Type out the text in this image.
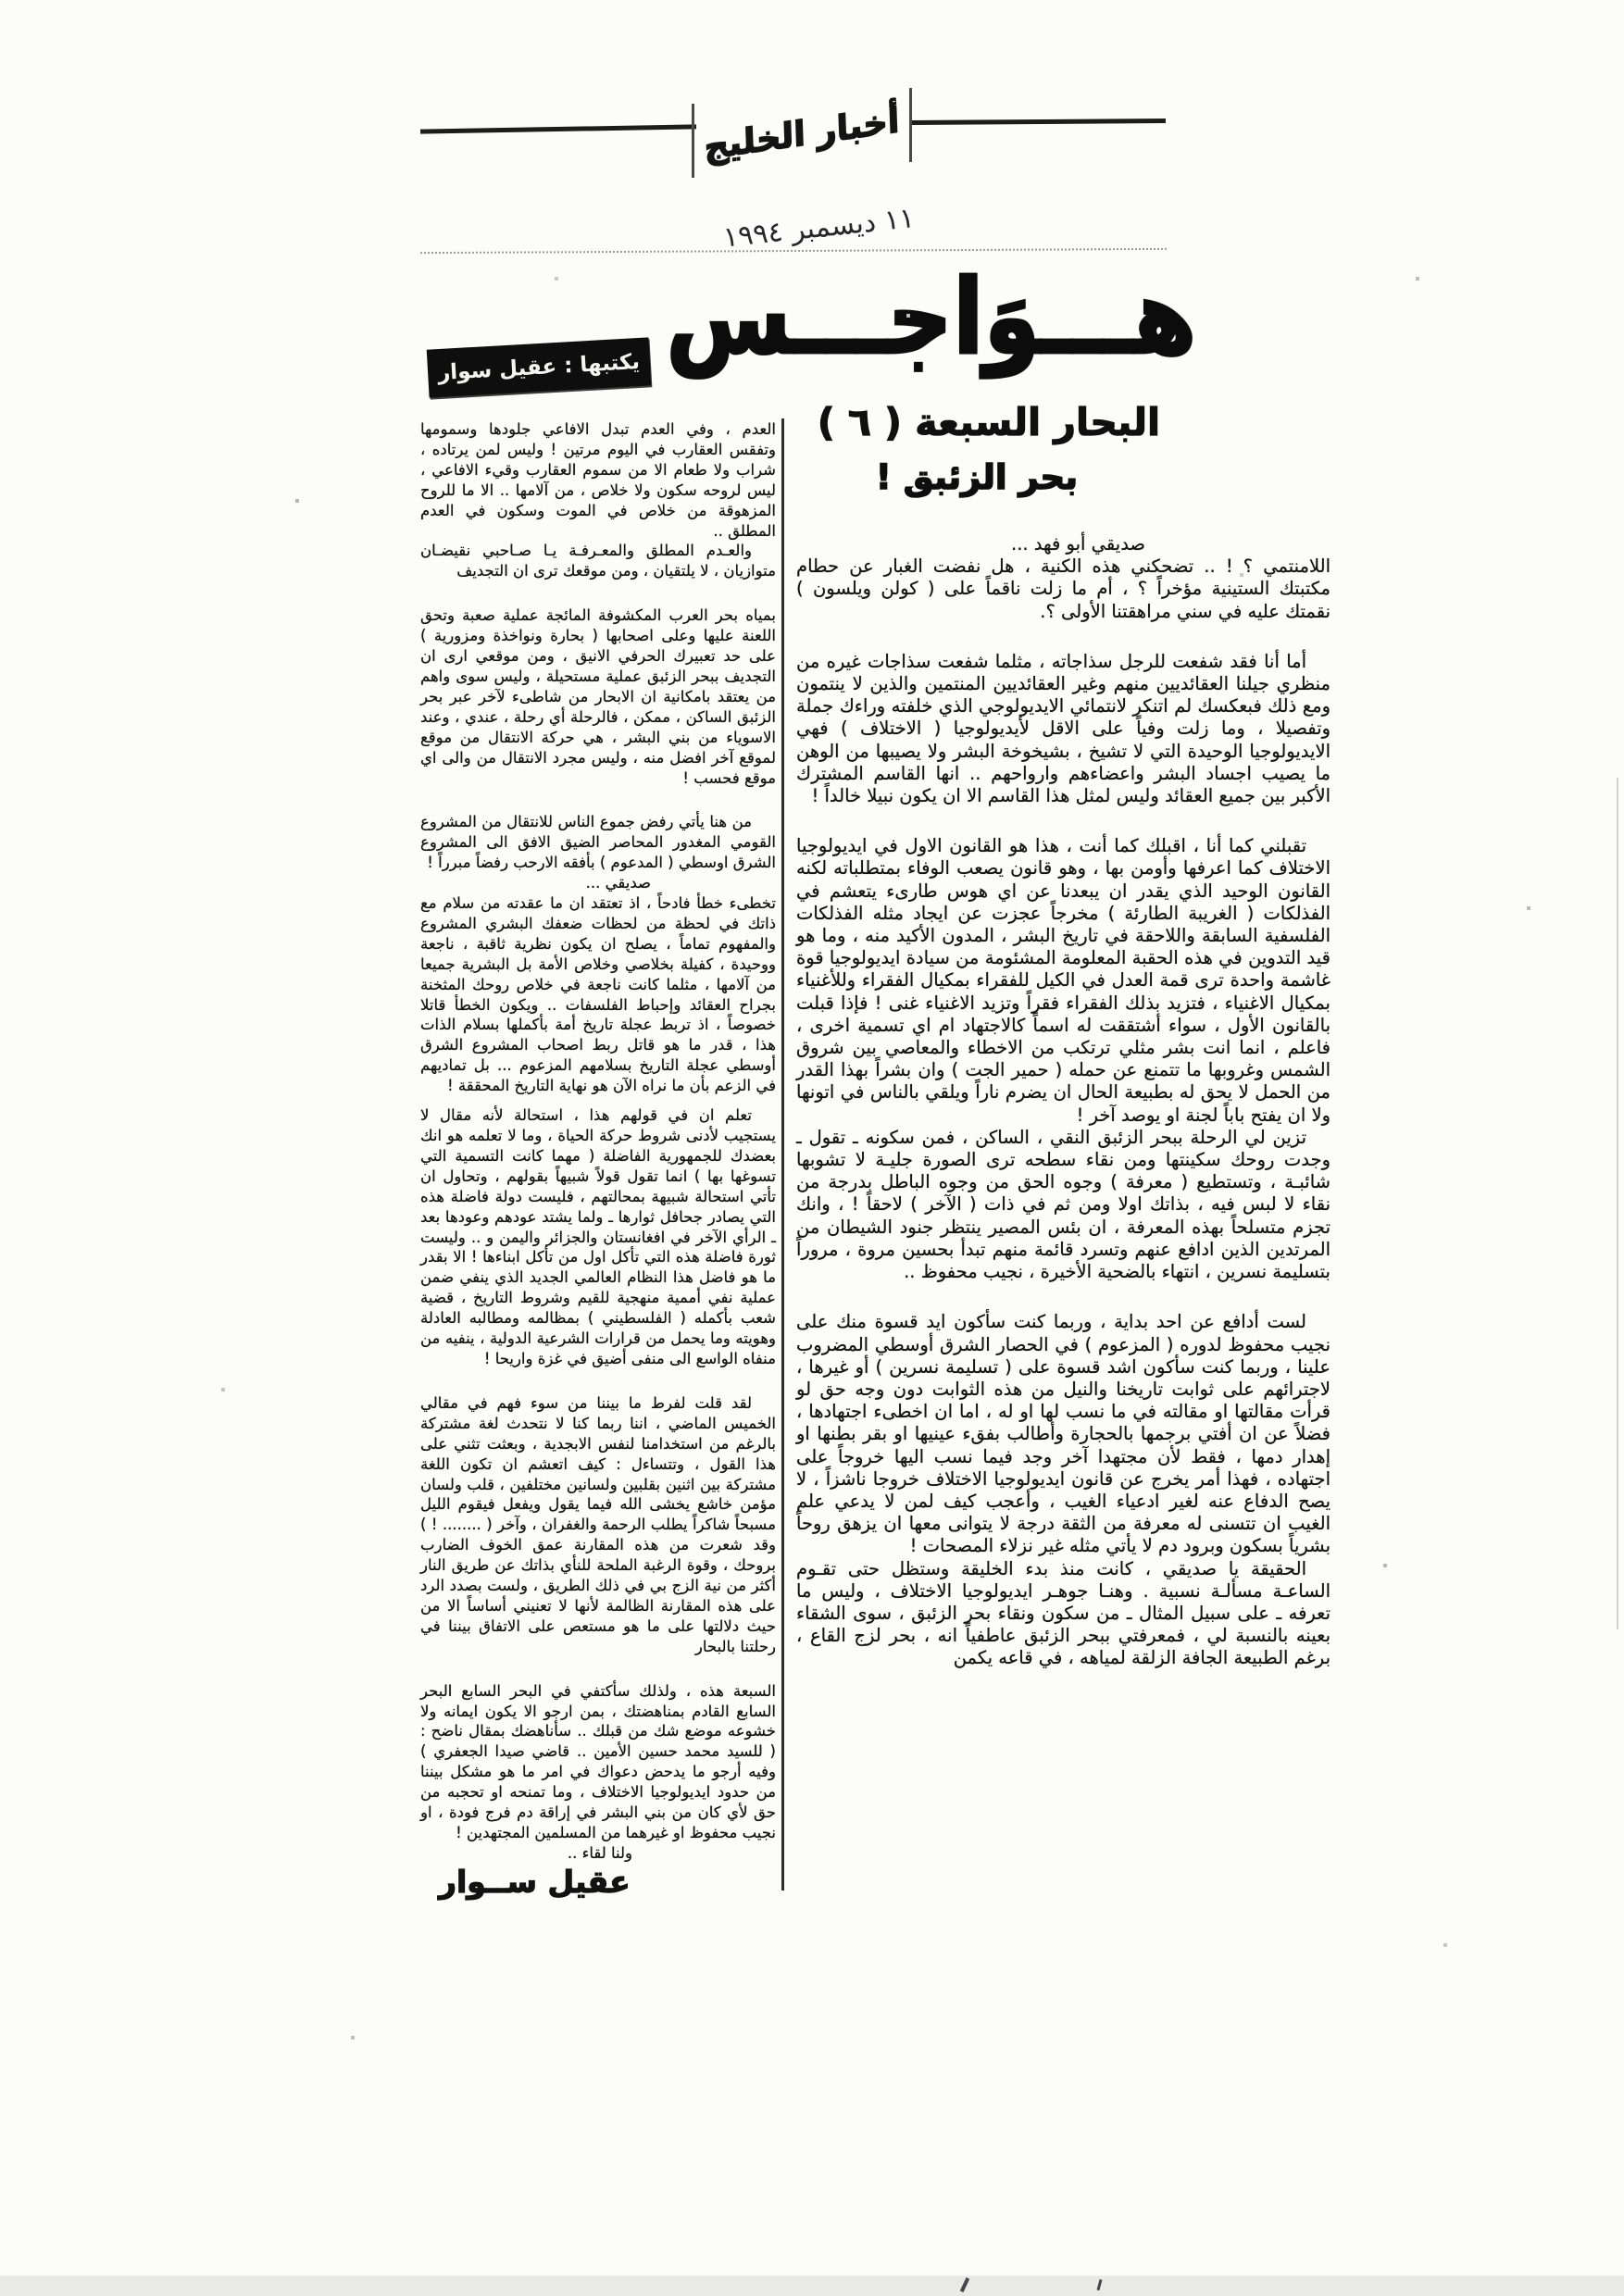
أخبار الخليج
١١ ديسمبر ١٩٩٤
هـــوَاجـــس
يكتبها : عقيل سوار
البحار السبعة ( ٦ )
بحر الزئبق !

صديقي أبو فهد ...

اللامنتمي ؟ ! .. تضحكني هذه الكنية ، هل نفضت الغبار عن حطام مكتبتك الستينية مؤخراً ؟ ، أم ما زلت ناقماً على ( كولن ويلسون ) نقمتك عليه في سني مراهقتنا الأولى ؟.

أما أنا فقد شفعت للرجل سذاجاته ، مثلما شفعت سذاجات غيره من منظري جيلنا العقائديين منهم وغير العقائديين المنتمين والذين لا ينتمون ومع ذلك فبعكسك لم اتنكر لانتمائي الايديولوجي الذي خلفته وراءك جملة وتفصيلا ، وما زلت وفياً على الاقل لأيديولوجيا ( الاختلاف ) فهي الايديولوجيا الوحيدة التي لا تشيخ ، بشيخوخة البشر ولا يصيبها من الوهن ما يصيب اجساد البشر واعضاءهم وارواحهم .. انها القاسم المشترك الأكبر بين جميع العقائد وليس لمثل هذا القاسم الا ان يكون نبيلا خالداً !

تقبلني كما أنا ، اقبلك كما أنت ، هذا هو القانون الاول في ايديولوجيا الاختلاف كما اعرفها وأومن بها ، وهو قانون يصعب الوفاء بمتطلباته لكنه القانون الوحيد الذي يقدر ان يبعدنا عن اي هوس طارىء يتعشم في الفذلكات ( الغريبة الطارئة ) مخرجاً عجزت عن ايجاد مثله الفذلكات الفلسفية السابقة واللاحقة في تاريخ البشر ، المدون الأكيد منه ، وما هو قيد التدوين في هذه الحقبة المعلومة المشئومة من سيادة ايديولوجيا قوة غاشمة واحدة ترى قمة العدل في الكيل للفقراء بمكيال الفقراء وللأغنياء بمكيال الاغنياء ، فتزيد بذلك الفقراء فقراً وتزيد الاغنياء غنى ! فإذا قبلت بالقانون الأول ، سواء أشتققت له اسماً كالاجتهاد ام اي تسمية اخرى ، فاعلم ، انما انت بشر مثلي ترتكب من الاخطاء والمعاصي بين شروق الشمس وغروبها ما تتمنع عن حمله ( حمير الجت ) وان بشراً بهذا القدر من الحمل لا يحق له بطبيعة الحال ان يضرم ناراً ويلقي بالناس في اتونها ولا ان يفتح باباً لجنة او يوصد آخر !

تزين لي الرحلة ببحر الزئبق النقي ، الساكن ، فمن سكونه ـ تقول ـ وجدت روحك سكينتها ومن نقاء سطحه ترى الصورة جليـة لا تشوبها شائبـة ، وتستطيع ( معرفة ) وجوه الحق من وجوه الباطل بدرجة من نقاء لا لبس فيه ، بذاتك اولا ومن ثم في ذات ( الآخر ) لاحقاً ! ، وانك تجزم متسلحاً بهذه المعرفة ، ان بئس المصير ينتظر جنود الشيطان من المرتدين الذين ادافع عنهم وتسرد قائمة منهم تبدأ بحسين مروة ، مروراً بتسليمة نسرين ، انتهاء بالضحية الأخيرة ، نجيب محفوظ ..

لست أدافع عن احد بداية ، وربما كنت سأكون ايد قسوة منك على نجيب محفوظ لدوره ( المزعوم ) في الحصار الشرق أوسطي المضروب علينا ، وربما كنت سأكون اشد قسوة على ( تسليمة نسرين ) أو غيرها ، لاجترائهم على ثوابت تاريخنا والنيل من هذه الثوابت دون وجه حق لو قرأت مقالتها او مقالته في ما نسب لها او له ، اما ان اخطىء اجتهادها ، فضلاً عن ان أفتي برجمها بالحجارة وأطالب بفقء عينيها او بقر بطنها او إهدار دمها ، فقط لأن مجتهدا آخر وجد فيما نسب اليها خروجاً على اجتهاده ، فهذا أمر يخرج عن قانون ايديولوجيا الاختلاف خروجا ناشزاً ، لا يصح الدفاع عنه لغير ادعياء الغيب ، وأعجب كيف لمن لا يدعي علم الغيب ان تتسنى له معرفة من الثقة درجة لا يتوانى معها ان يزهق روحاً بشرياً بسكون وبرود دم لا يأتي مثله غير نزلاء المصحات !

الحقيقة يا صديقي ، كانت منذ بدء الخليقة وستظل حتى تقـوم الساعـة مسألـة نسبية . وهنـا جوهـر ايديولوجيا الاختلاف ، وليس ما تعرفه ـ على سبيل المثال ـ من سكون ونقاء بحر الزئبق ، سوى الشقاء بعينه بالنسبة لي ، فمعرفتي ببحر الزئبق عاطفياً انه ، بحر لزج القاع ، برغم الطبيعة الجافة الزلقة لمياهه ، في قاعه يكمن

العدم ، وفي العدم تبدل الافاعي جلودها وسمومها وتفقس العقارب في اليوم مرتين ! وليس لمن يرتاده ، شراب ولا طعام الا من سموم العقارب وقيء الافاعي ، ليس لروحه سكون ولا خلاص ، من آلامها .. الا ما للروح المزهوقة من خلاص في الموت وسكون في العدم المطلق ..

والعـدم المطلق والمعـرفـة يـا صـاحبي نقيضـان متوازيان ، لا يلتقيان ، ومن موقعك ترى ان التجديف

بمياه بحر العرب المكشوفة المائجة عملية صعبة وتحق اللعنة عليها وعلى اصحابها ( بحارة ونواخذة ومزورية ) على حد تعبيرك الحرفي الانيق ، ومن موقعي ارى ان التجديف ببحر الزئبق عملية مستحيلة ، وليس سوى واهم من يعتقد بامكانية ان الابحار من شاطىء لآخر عبر بحر الزئبق الساكن ، ممكن ، فالرحلة أي رحلة ، عندي ، وعند الاسوياء من بني البشر ، هي حركة الانتقال من موقع لموقع آخر افضل منه ، وليس مجرد الانتقال من والى اي موقع فحسب !

من هنا يأتي رفض جموع الناس للانتقال من المشروع القومي المغدور المحاصر الضيق الافق الى المشروع الشرق اوسطي ( المدعوم ) بأفقه الارحب رفضاً مبرراً !

صديقي ...

تخطىء خطأ فادحاً ، اذ تعتقد ان ما عقدته من سلام مع ذاتك في لحظة من لحظات ضعفك البشري المشروع والمفهوم تماماً ، يصلح ان يكون نظرية ثاقبة ، ناجعة ووحيدة ، كفيلة بخلاصي وخلاص الأمة بل البشرية جميعا من آلامها ، مثلما كانت ناجعة في خلاص روحك المثخنة بجراح العقائد وإحباط الفلسفات .. ويكون الخطأ قاتلا خصوصاً ، اذ تربط عجلة تاريخ أمة بأكملها بسلام الذات هذا ، قدر ما هو قاتل ربط اصحاب المشروع الشرق أوسطي عجلة التاريخ بسلامهم المزعوم ... بل تماديهم في الزعم بأن ما نراه الآن هو نهاية التاريخ المحققة !

تعلم ان في قولهم هذا ، استحالة لأنه مقال لا يستجيب لأدنى شروط حركة الحياة ، وما لا تعلمه هو انك بعضدك للجمهورية الفاضلة ( مهما كانت التسمية التي تسوغها بها ) انما تقول قولاً شبيهاً بقولهم ، وتحاول ان تأتي استحالة شبيهة بمحالتهم ، فليست دولة فاضلة هذه التي يصادر جحافل ثوارها ـ ولما يشتد عودهم وعودها بعد ـ الرأي الآخر في افغانستان والجزائر واليمن و .. وليست ثورة فاضلة هذه التي تأكل اول من تأكل ابناءها ! الا بقدر ما هو فاضل هذا النظام العالمي الجديد الذي ينفي ضمن عملية نفي أممية منهجية للقيم وشروط التاريخ ، قضية شعب بأكمله ( الفلسطيني ) بمظالمه ومطالبه العادلة وهويته وما يحمل من قرارات الشرعية الدولية ، ينفيه من منفاه الواسع الى منفى أضيق في غزة واريحا !

لقد قلت لفرط ما بيننا من سوء فهم في مقالي الخميس الماضي ، اننا ربما كنا لا نتحدث لغة مشتركة بالرغم من استخدامنا لنفس الابجدية ، وبعثت تثني على هذا القول ، وتتساءل : كيف اتعشم ان تكون اللغة مشتركة بين اثنين بقلبين ولسانين مختلفين ، قلب ولسان مؤمن خاشع يخشى الله فيما يقول ويفعل فيقوم الليل مسبحاً شاكراً يطلب الرحمة والغفران ، وآخر ( ........ ! ) وقد شعرت من هذه المقارنة عمق الخوف الضارب بروحك ، وقوة الرغبة الملحة للنأي بذاتك عن طريق النار أكثر من نية الزج بي في ذلك الطريق ، ولست بصدد الرد على هذه المقارنة الظالمة لأنها لا تعنيني أساساً الا من حيث دلالتها على ما هو مستعص على الاتفاق بيننا في رحلتنا بالبحار

السبعة هذه ، ولذلك سأكتفي في البحر السابع البحر السابع القادم بمناهضتك ، بمن ارجو الا يكون ايمانه ولا خشوعه موضع شك من قبلك .. سأناهضك بمقال ناضح : ( للسيد محمد حسين الأمين .. قاضي صيدا الجعفري ) وفيه أرجو ما يدحض دعواك في امر ما هو مشكل بيننا من حدود ايديولوجيا الاختلاف ، وما تمنحه او تحجبه من حق لأي كان من بني البشر في إراقة دم فرج فودة ، او نجيب محفوظ او غيرهما من المسلمين المجتهدين !

ولنا لقاء ..

عقيل ســوار
